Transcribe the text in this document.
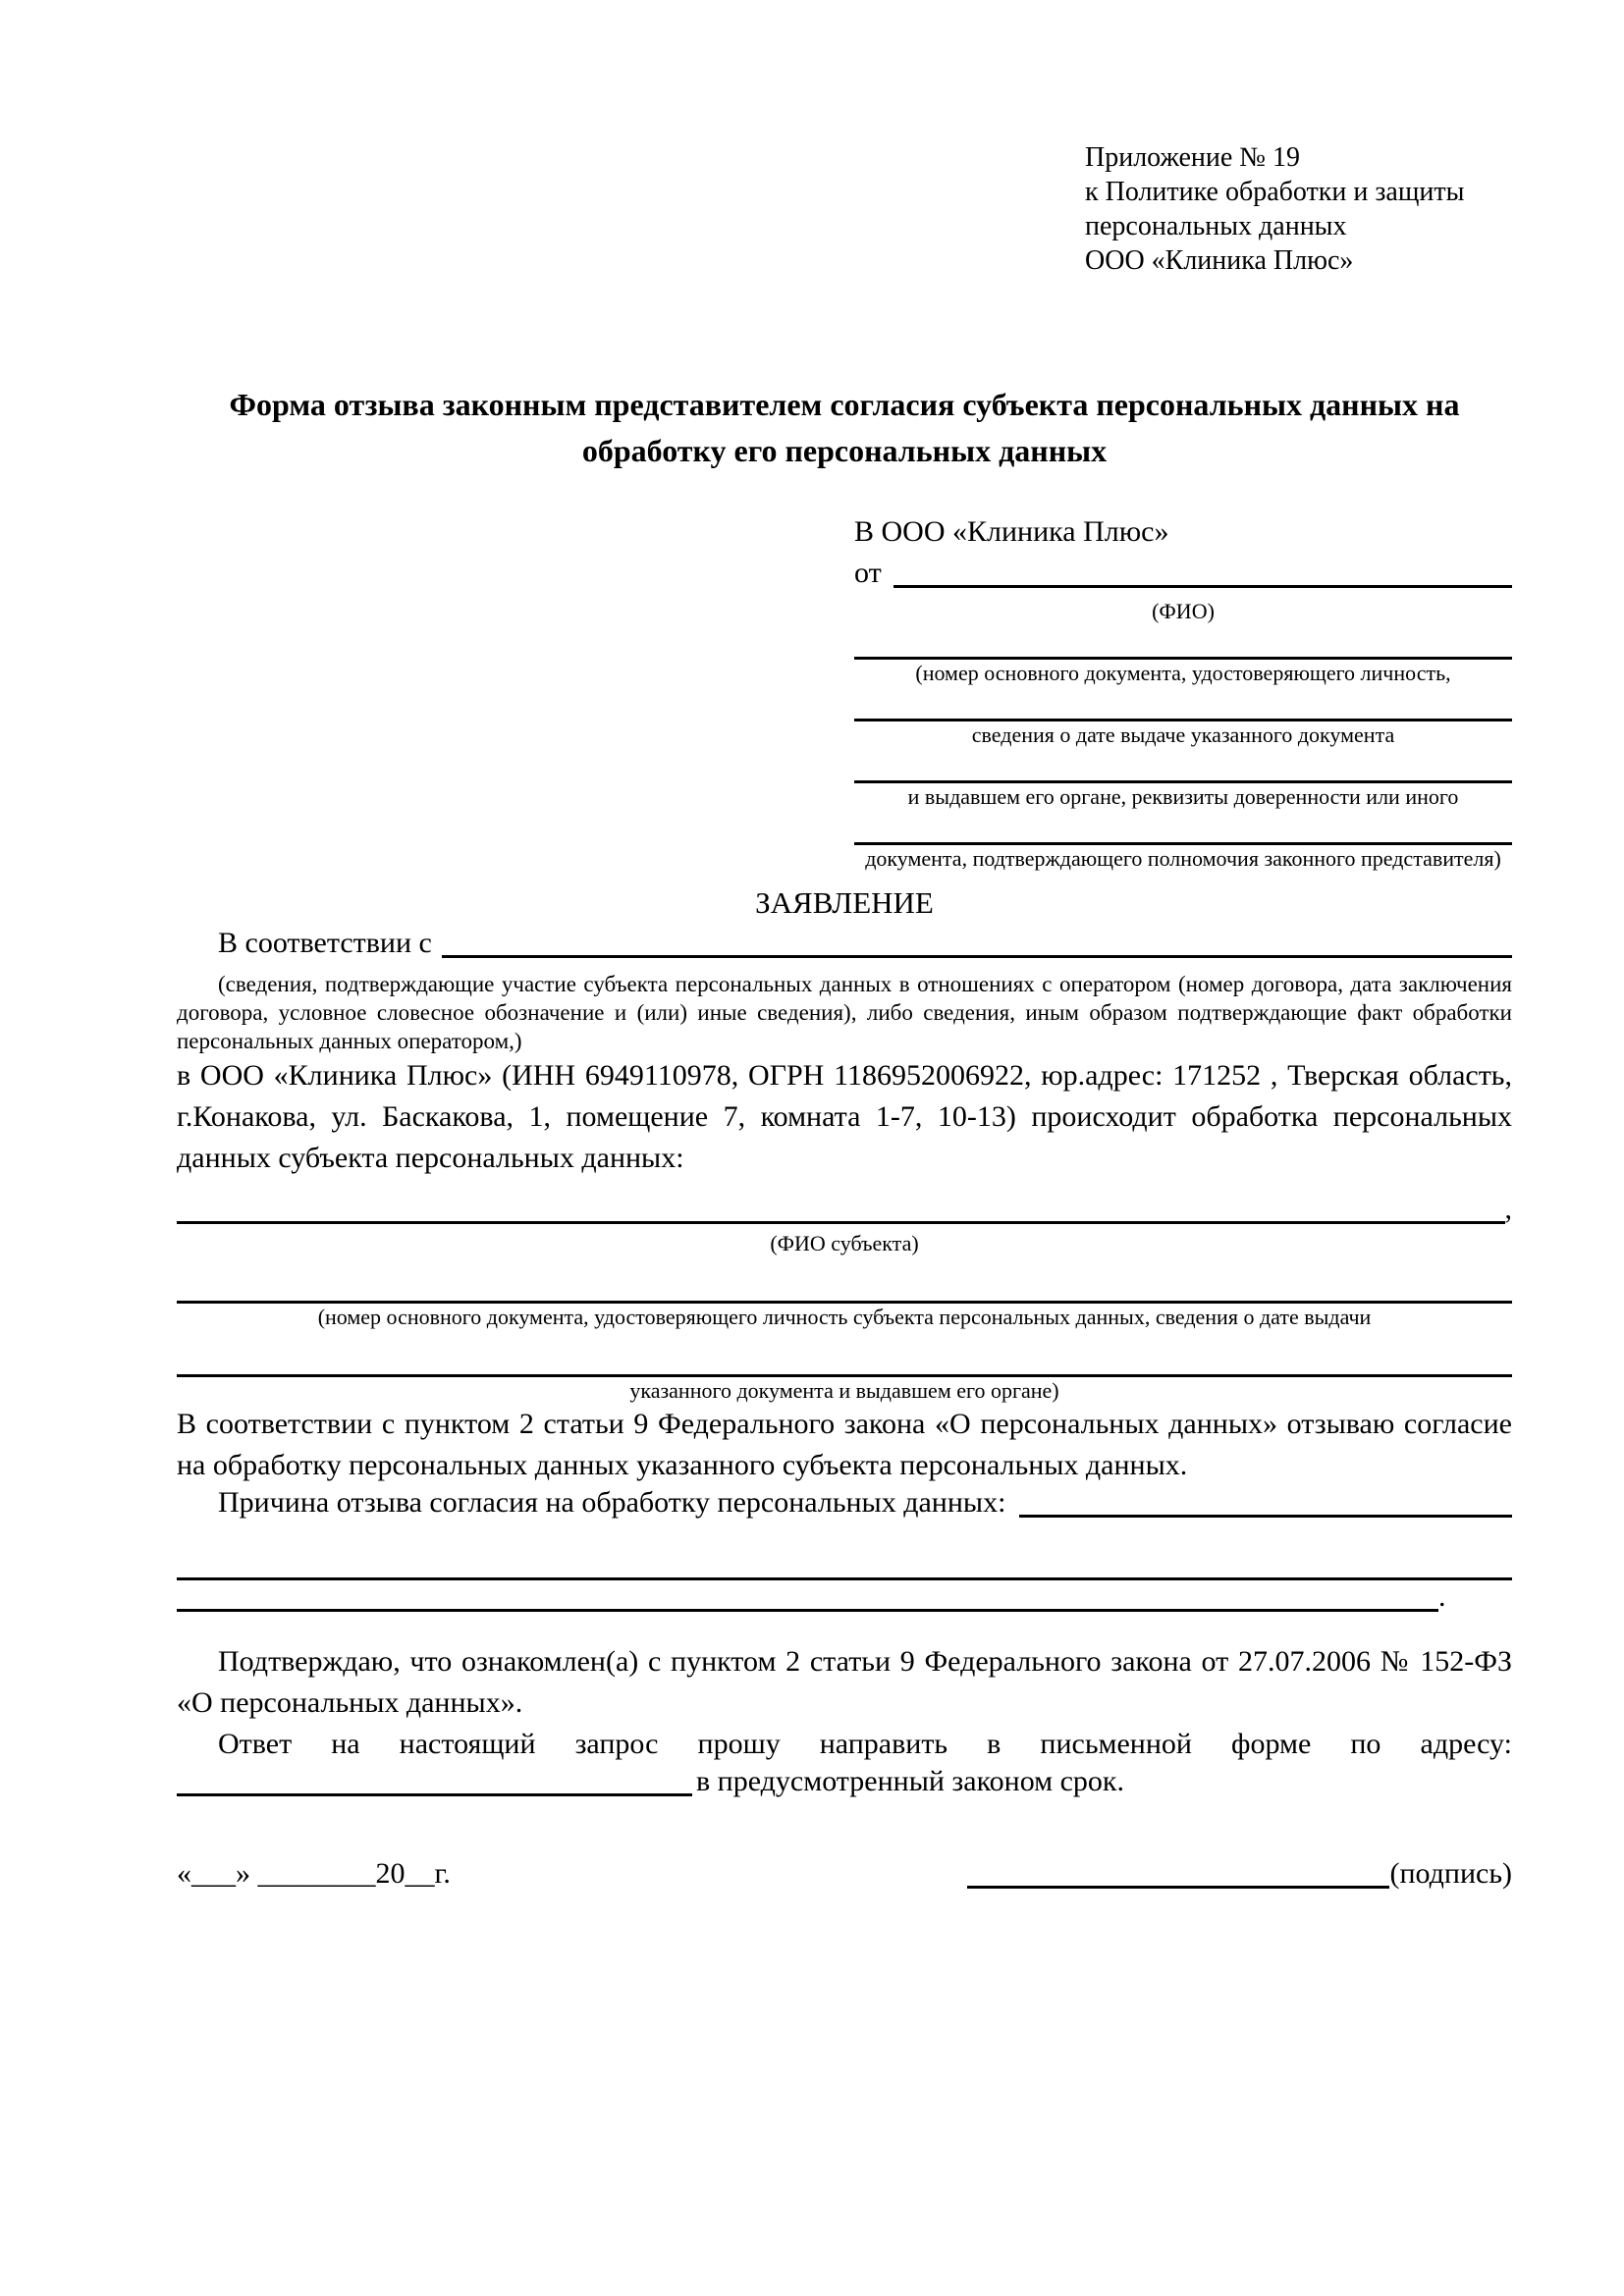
Приложение № 19
к Политике обработки и защиты
персональных данных
ООО «Клиника Плюс»
Форма отзыва законным представителем согласия субъекта персональных данных на обработку его персональных данных
В ООО «Клиника Плюс»
от
(ФИО)
(номер основного документа, удостоверяющего личность,
сведения о дате выдаче указанного документа
и выдавшем его органе, реквизиты доверенности или иного
документа, подтверждающего полномочия законного представителя)
ЗАЯВЛЕНИЕ
В соответствии с
(сведения, подтверждающие участие субъекта персональных данных в отношениях с оператором (номер договора, дата заключения договора, условное словесное обозначение и (или) иные сведения), либо сведения, иным образом подтверждающие факт обработки персональных данных оператором,)
в ООО «Клиника Плюс» (ИНН 6949110978, ОГРН 1186952006922, юр.адрес: 171252 , Тверская область, г.Конакова, ул. Баскакова, 1, помещение 7, комната 1-7, 10-13) происходит обработка персональных данных субъекта персональных данных:
,
(ФИО субъекта)
(номер основного документа, удостоверяющего личность субъекта персональных данных, сведения о дате выдачи
указанного документа и выдавшем его органе)
В соответствии с пунктом 2 статьи 9 Федерального закона «О персональных данных» отзываю согласие на обработку персональных данных указанного субъекта персональных данных.
Причина отзыва согласия на обработку персональных данных:
.
Подтверждаю, что ознакомлен(а) с пунктом 2 статьи 9 Федерального закона от 27.07.2006 № 152-ФЗ «О персональных данных».
Ответ на настоящий запрос прошу направить в письменной форме по адресу:
в предусмотренный законом срок.
«___» ________20__г.	(подпись)
